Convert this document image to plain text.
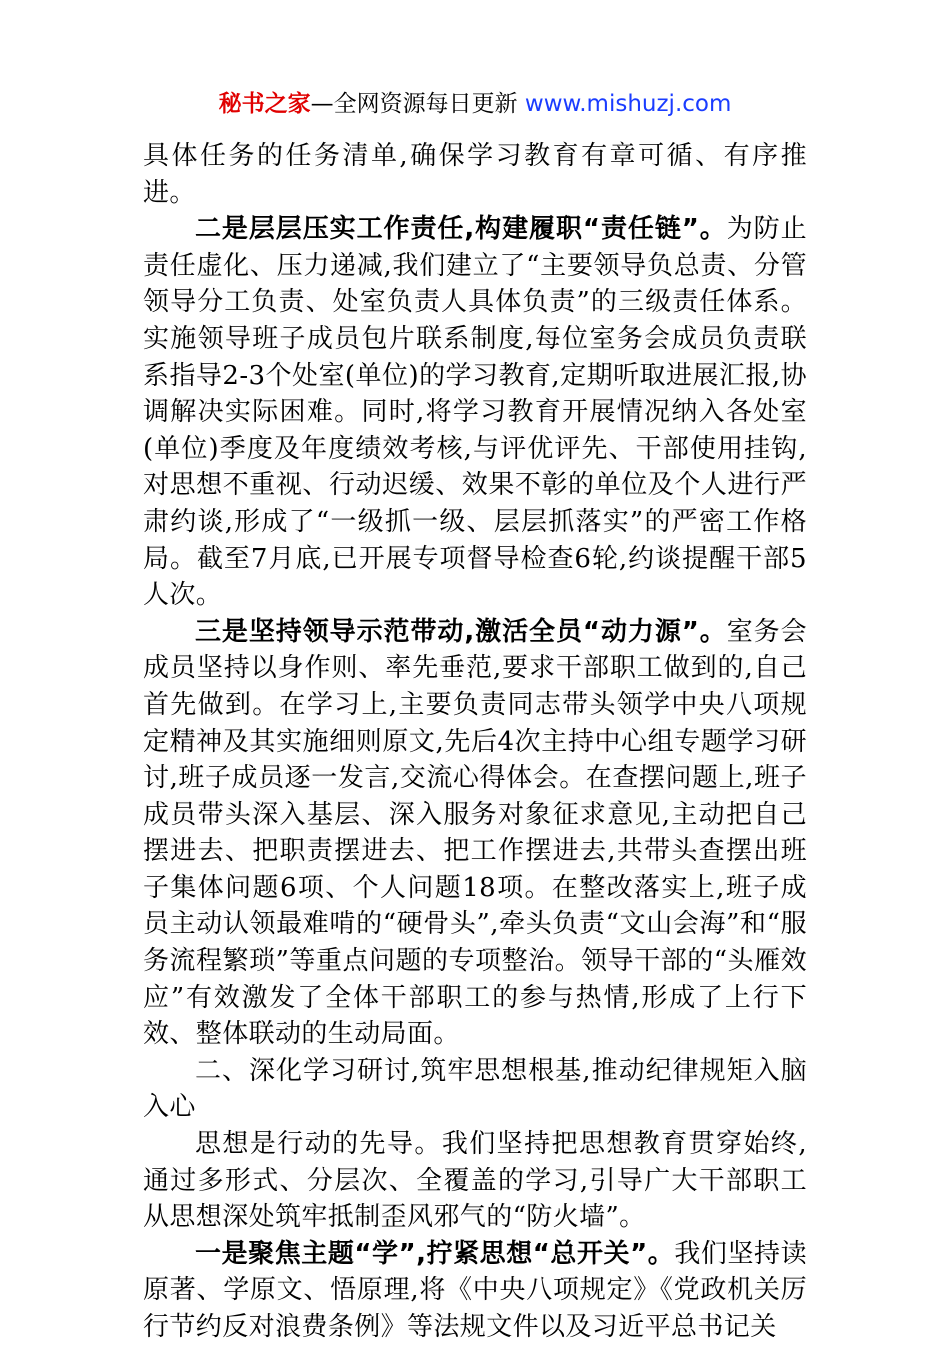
秘书之家—全网资源每日更新 www.mishuzj.com

具体任务的任务清单,确保学习教育有章可循、有序推进。

二是层层压实工作责任,构建履职“责任链”。为防止责任虚化、压力递减,我们建立了“主要领导负总责、分管领导分工负责、处室负责人具体负责”的三级责任体系。实施领导班子成员包片联系制度,每位室务会成员负责联系指导2-3个处室(单位)的学习教育,定期听取进展汇报,协调解决实际困难。同时,将学习教育开展情况纳入各处室(单位)季度及年度绩效考核,与评优评先、干部使用挂钩,对思想不重视、行动迟缓、效果不彰的单位及个人进行严肃约谈,形成了“一级抓一级、层层抓落实”的严密工作格局。截至7月底,已开展专项督导检查6轮,约谈提醒干部5人次。

三是坚持领导示范带动,激活全员“动力源”。室务会成员坚持以身作则、率先垂范,要求干部职工做到的,自己首先做到。在学习上,主要负责同志带头领学中央八项规定精神及其实施细则原文,先后4次主持中心组专题学习研讨,班子成员逐一发言,交流心得体会。在查摆问题上,班子成员带头深入基层、深入服务对象征求意见,主动把自己摆进去、把职责摆进去、把工作摆进去,共带头查摆出班子集体问题6项、个人问题18项。在整改落实上,班子成员主动认领最难啃的“硬骨头”,牵头负责“文山会海”和“服务流程繁琐”等重点问题的专项整治。领导干部的“头雁效应”有效激发了全体干部职工的参与热情,形成了上行下效、整体联动的生动局面。

二、深化学习研讨,筑牢思想根基,推动纪律规矩入脑入心

思想是行动的先导。我们坚持把思想教育贯穿始终,通过多形式、分层次、全覆盖的学习,引导广大干部职工从思想深处筑牢抵制歪风邪气的“防火墙”。

一是聚焦主题“学”,拧紧思想“总开关”。我们坚持读原著、学原文、悟原理,将《中央八项规定》《党政机关厉行节约反对浪费条例》等法规文件以及习近平总书记关
